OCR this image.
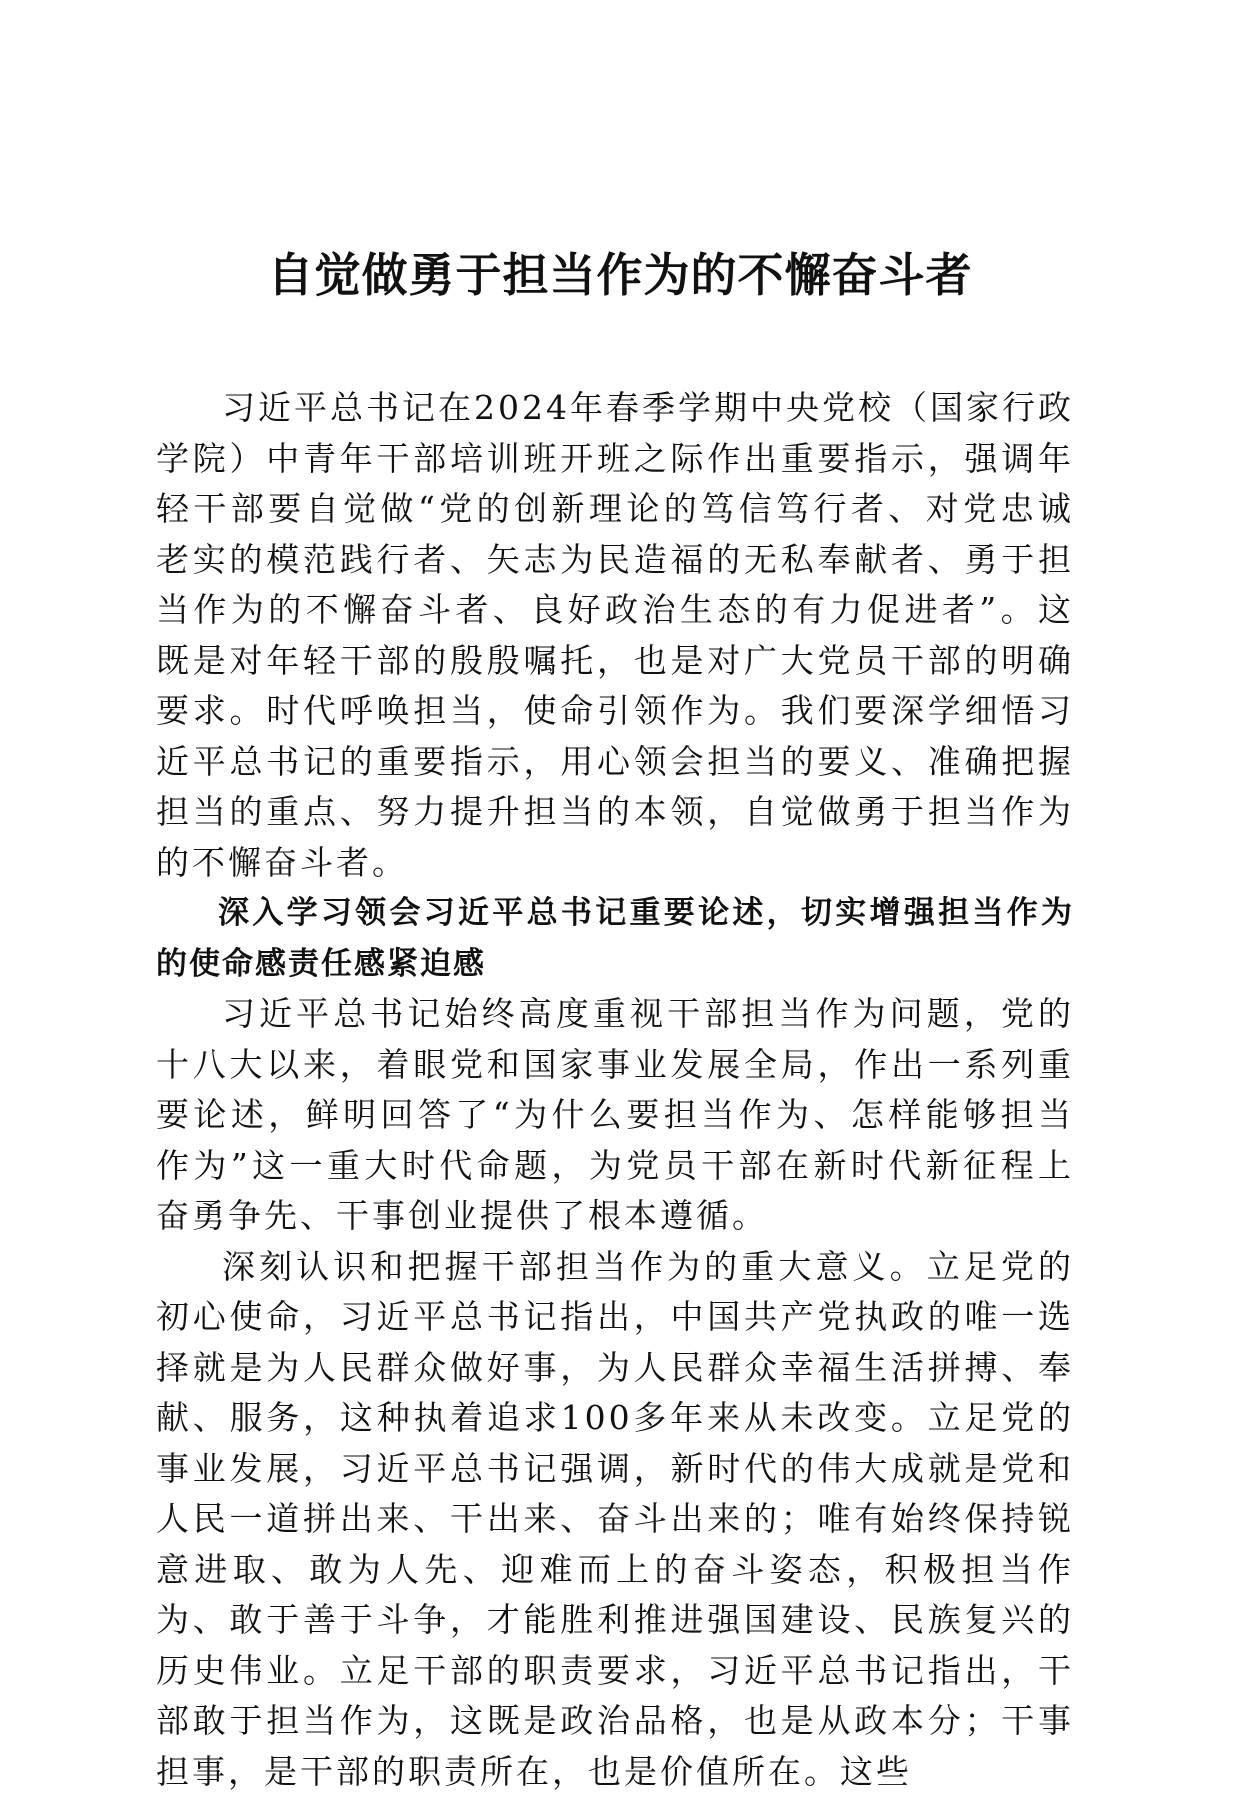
自觉做勇于担当作为的不懈奋斗者

习近平总书记在2024年春季学期中央党校（国家行政学院）中青年干部培训班开班之际作出重要指示，强调年轻干部要自觉做“党的创新理论的笃信笃行者、对党忠诚老实的模范践行者、矢志为民造福的无私奉献者、勇于担当作为的不懈奋斗者、良好政治生态的有力促进者”。这既是对年轻干部的殷殷嘱托，也是对广大党员干部的明确要求。时代呼唤担当，使命引领作为。我们要深学细悟习近平总书记的重要指示，用心领会担当的要义、准确把握担当的重点、努力提升担当的本领，自觉做勇于担当作为的不懈奋斗者。

深入学习领会习近平总书记重要论述，切实增强担当作为的使命感责任感紧迫感

习近平总书记始终高度重视干部担当作为问题，党的十八大以来，着眼党和国家事业发展全局，作出一系列重要论述，鲜明回答了“为什么要担当作为、怎样能够担当作为”这一重大时代命题，为党员干部在新时代新征程上奋勇争先、干事创业提供了根本遵循。

深刻认识和把握干部担当作为的重大意义。立足党的初心使命，习近平总书记指出，中国共产党执政的唯一选择就是为人民群众做好事，为人民群众幸福生活拼搏、奉献、服务，这种执着追求100多年来从未改变。立足党的事业发展，习近平总书记强调，新时代的伟大成就是党和人民一道拼出来、干出来、奋斗出来的；唯有始终保持锐意进取、敢为人先、迎难而上的奋斗姿态，积极担当作为、敢于善于斗争，才能胜利推进强国建设、民族复兴的历史伟业。立足干部的职责要求，习近平总书记指出，干部敢于担当作为，这既是政治品格，也是从政本分；干事担事，是干部的职责所在，也是价值所在。这些
